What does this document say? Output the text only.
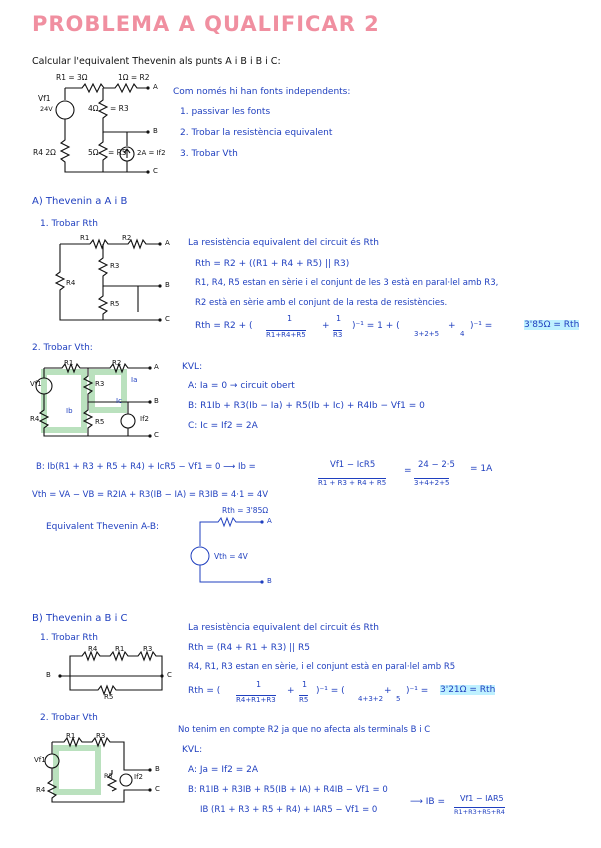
PROBLEMA A QUALIFICAR 2
Calcular l'equivalent Thevenin als punts A i B i B i C:
R1 = 3Ω	1Ω = R2
4Ω = R3
Vf1
24V
R4 2Ω	5Ω = R5 2A = If2
A
B
C
Com només hi han fonts independents:
1. passivar les fonts
2. Trobar la resistència equivalent
3. Trobar Vth
A) Thevenin a A i B
1. Trobar Rth
La resistència equivalent del circuit és Rth
Rth = R2 + ((R1 + R4 + R5) || R3)
R1, R4, R5 estan en sèrie i el conjunt de les 3 està en paral·lel amb R3,
R2 està en sèrie amb el conjunt de la resta de resistències.
Rth = R2 + (
1
R1+R4+R5
+
1
R3
)⁻¹ = 1 + (
3+2+5
+
4
)⁻¹ =	3'85Ω = Rth
2. Trobar Vth:
KVL:
A: Ia = 0 → circuit obert
B: R1Ib + R3(Ib − Ia) + R5(Ib + Ic) + R4Ib − Vf1 = 0
C: Ic = If2 = 2A
B: Ib(R1 + R3 + R5 + R4) + IcR5 − Vf1 = 0 ⟶ Ib =	Vf1 − IcR5
R1 + R3 + R4 + R5
=
24 − 2·5
3+4+2+5
= 1A
Vth = VA − VB = R2IA + R3(IB − IA) = R3IB = 4·1 = 4V
Equivalent Thevenin A-B:
Rth = 3'85Ω
Vth = 4V
A
B
R1	R2
R3
R4
R5
A
B
C
R1	R2
R3
Vf1
R4	R5	If2
Ia
Ib
Ic
A
B
C
B) Thevenin a B i C
1. Trobar Rth
La resistència equivalent del circuit és Rth
Rth = (R4 + R1 + R3) || R5
R4, R1, R3 estan en sèrie, i el conjunt està en paral·lel amb R5
Rth = (
1
R4+R1+R3
+
1
R5
)⁻¹ = (
4+3+2
+
5
)⁻¹ = 3'21Ω = Rth
R4	R1	R3
R5
B	C
2. Trobar Vth
No tenim en compte R2 ja que no afecta als terminals B i C
KVL:
A: Ja = If2 = 2A
B: R1IB + R3IB + R5(IB + IA) + R4IB − Vf1 = 0
IB (R1 + R3 + R5 + R4) + IAR5 − Vf1 = 0
⟶ IB = Vf1 − IAR5
R1+R3+R5+R4
R1	R3
Vf1
R4
R5	If2
B
C
